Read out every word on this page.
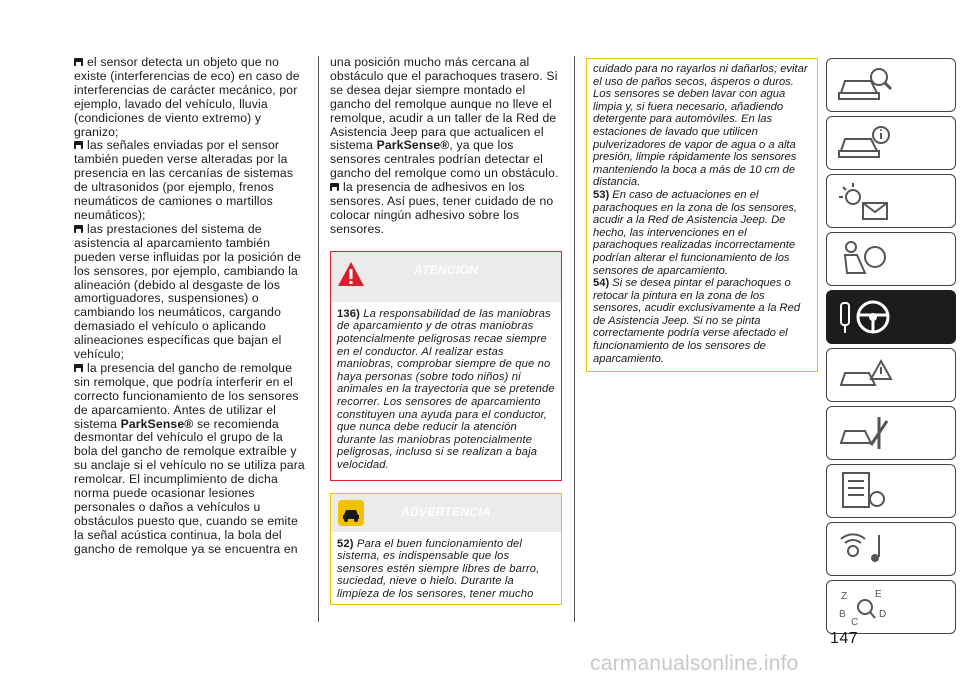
el sensor detecta un objeto que no existe (interferencias de eco) en caso de interferencias de carácter mecánico, por ejemplo, lavado del vehículo, lluvia (condiciones de viento extremo) y granizo;

las señales enviadas por el sensor también pueden verse alteradas por la presencia en las cercanías de sistemas de ultrasonidos (por ejemplo, frenos neumáticos de camiones o martillos neumáticos);

las prestaciones del sistema de asistencia al aparcamiento también pueden verse influidas por la posición de los sensores, por ejemplo, cambiando la alineación (debido al desgaste de los amortiguadores, suspensiones) o cambiando los neumáticos, cargando demasiado el vehículo o aplicando alineaciones específicas que bajan el vehículo;

la presencia del gancho de remolque sin remolque, que podría interferir en el correcto funcionamiento de los sensores de aparcamiento. Antes de utilizar el sistema ParkSense® se recomienda desmontar del vehículo el grupo de la bola del gancho de remolque extraíble y su anclaje si el vehículo no se utiliza para remolcar. El incumplimiento de dicha norma puede ocasionar lesiones personales o daños a vehículos u obstáculos puesto que, cuando se emite la señal acústica continua, la bola del gancho de remolque ya se encuentra en

una posición mucho más cercana al obstáculo que el parachoques trasero. Si se desea dejar siempre montado el gancho del remolque aunque no lleve el remolque, acudir a un taller de la Red de Asistencia Jeep para que actualicen el sistema ParkSense®, ya que los sensores centrales podrían detectar el gancho del remolque como un obstáculo.

la presencia de adhesivos en los sensores. Así pues, tener cuidado de no colocar ningún adhesivo sobre los sensores.

ATENCIÓN
136) La responsabilidad de las maniobras de aparcamiento y de otras maniobras potencialmente peligrosas recae siempre en el conductor. Al realizar estas maniobras, comprobar siempre de que no haya personas (sobre todo niños) ni animales en la trayectoria que se pretende recorrer. Los sensores de aparcamiento constituyen una ayuda para el conductor, que nunca debe reducir la atención durante las maniobras potencialmente peligrosas, incluso si se realizan a baja velocidad.
ADVERTENCIA
52) Para el buen funcionamiento del sistema, es indispensable que los sensores estén siempre libres de barro, suciedad, nieve o hielo. Durante la limpieza de los sensores, tener mucho
cuidado para no rayarlos ni dañarlos; evitar el uso de paños secos, ásperos o duros. Los sensores se deben lavar con agua limpia y, si fuera necesario, añadiendo detergente para automóviles. En las estaciones de lavado que utilicen pulverizadores de vapor de agua o a alta presión, limpie rápidamente los sensores manteniendo la boca a más de 10 cm de distancia.
53) En caso de actuaciones en el parachoques en la zona de los sensores, acudir a la Red de Asistencia Jeep. De hecho, las intervenciones en el parachoques realizadas incorrectamente podrían alterar el funcionamiento de los sensores de aparcamiento.
54) Si se desea pintar el parachoques o retocar la pintura en la zona de los sensores, acudir exclusivamente a la Red de Asistencia Jeep. Si no se pinta correctamente podría verse afectado el funcionamiento de los sensores de aparcamiento.
Z	E
B
C
D
147
carmanualsonline.info
